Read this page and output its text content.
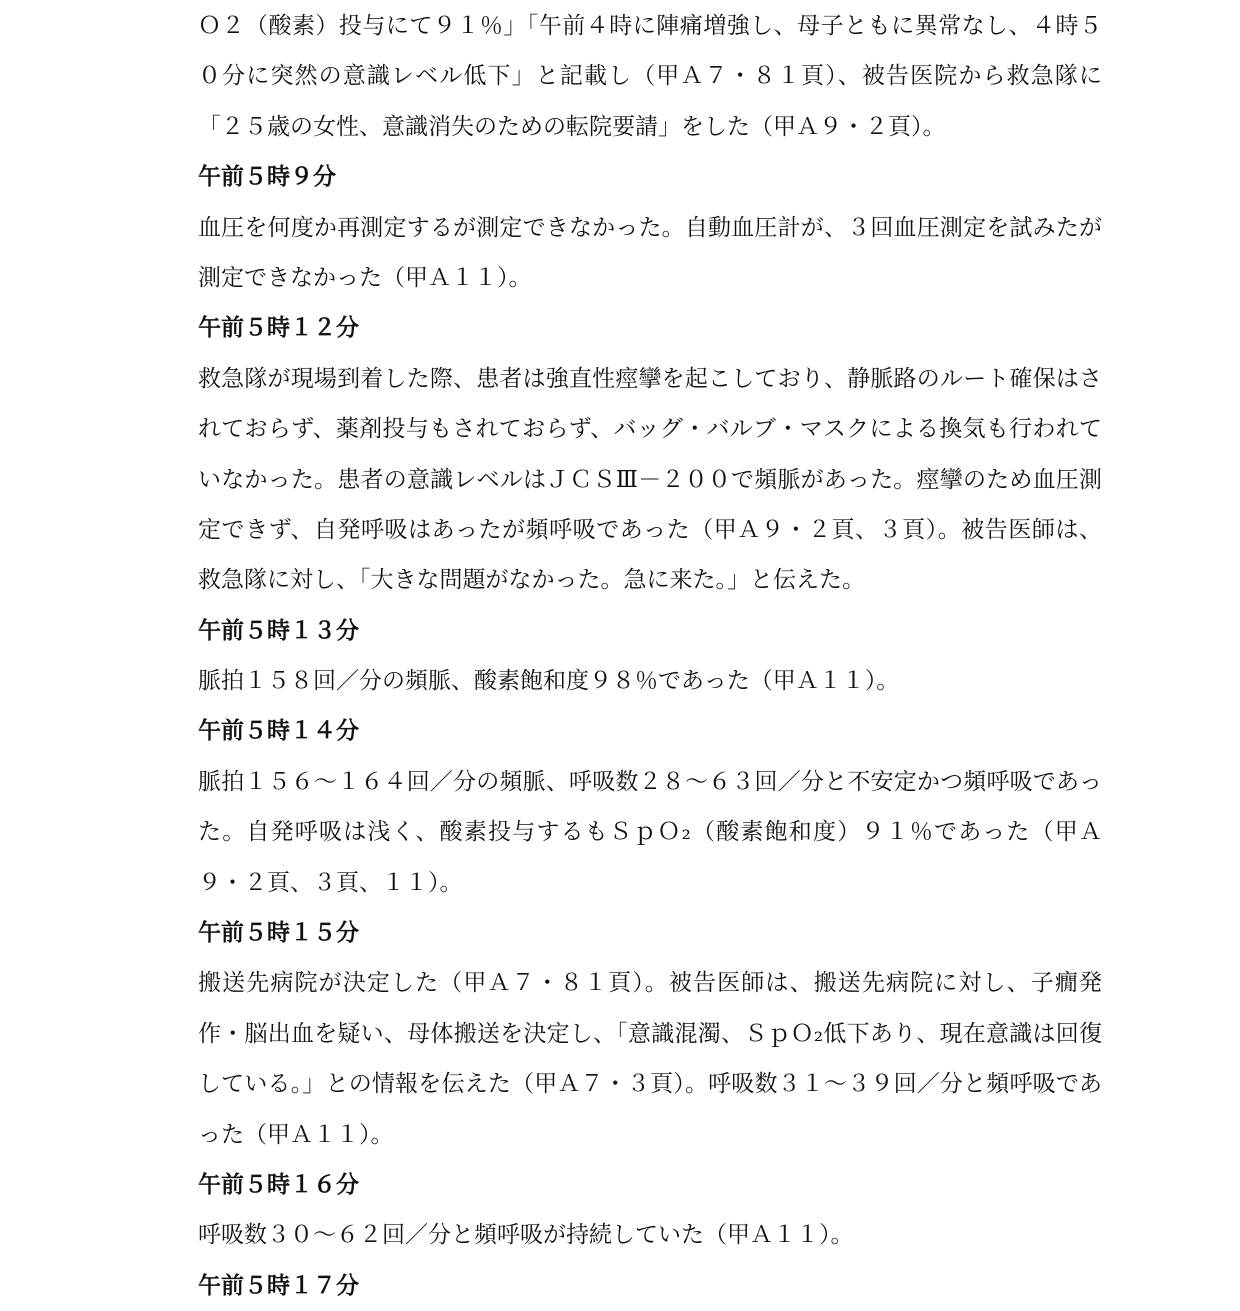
Ｏ２（酸素）投与にて９１％」「午前４時に陣痛増強し、母子ともに異常なし、４時５
０分に突然の意識レベル低下」と記載し（甲Ａ７・８１頁）、被告医院から救急隊に
「２５歳の女性、意識消失のための転院要請」をした（甲Ａ９・２頁）。
午前５時９分
血圧を何度か再測定するが測定できなかった。自動血圧計が、３回血圧測定を試みたが
測定できなかった（甲Ａ１１）。
午前５時１２分
救急隊が現場到着した際、患者は強直性痙攣を起こしており、静脈路のルート確保はさ
れておらず、薬剤投与もされておらず、バッグ・バルブ・マスクによる換気も行われて
いなかった。患者の意識レベルはＪＣＳⅢ－２００で頻脈があった。痙攣のため血圧測
定できず、自発呼吸はあったが頻呼吸であった（甲Ａ９・２頁、３頁）。被告医師は、
救急隊に対し、「大きな問題がなかった。急に来た。」と伝えた。
午前５時１３分
脈拍１５８回／分の頻脈、酸素飽和度９８％であった（甲Ａ１１）。
午前５時１４分
脈拍１５６～１６４回／分の頻脈、呼吸数２８～６３回／分と不安定かつ頻呼吸であっ
た。自発呼吸は浅く、酸素投与するもＳｐＯ₂（酸素飽和度）９１％であった（甲Ａ
９・２頁、３頁、１１）。
午前５時１５分
搬送先病院が決定した（甲Ａ７・８１頁）。被告医師は、搬送先病院に対し、子癇発
作・脳出血を疑い、母体搬送を決定し、「意識混濁、ＳｐＯ₂低下あり、現在意識は回復
している。」との情報を伝えた（甲Ａ７・３頁）。呼吸数３１～３９回／分と頻呼吸であ
った（甲Ａ１１）。
午前５時１６分
呼吸数３０～６２回／分と頻呼吸が持続していた（甲Ａ１１）。
午前５時１７分
